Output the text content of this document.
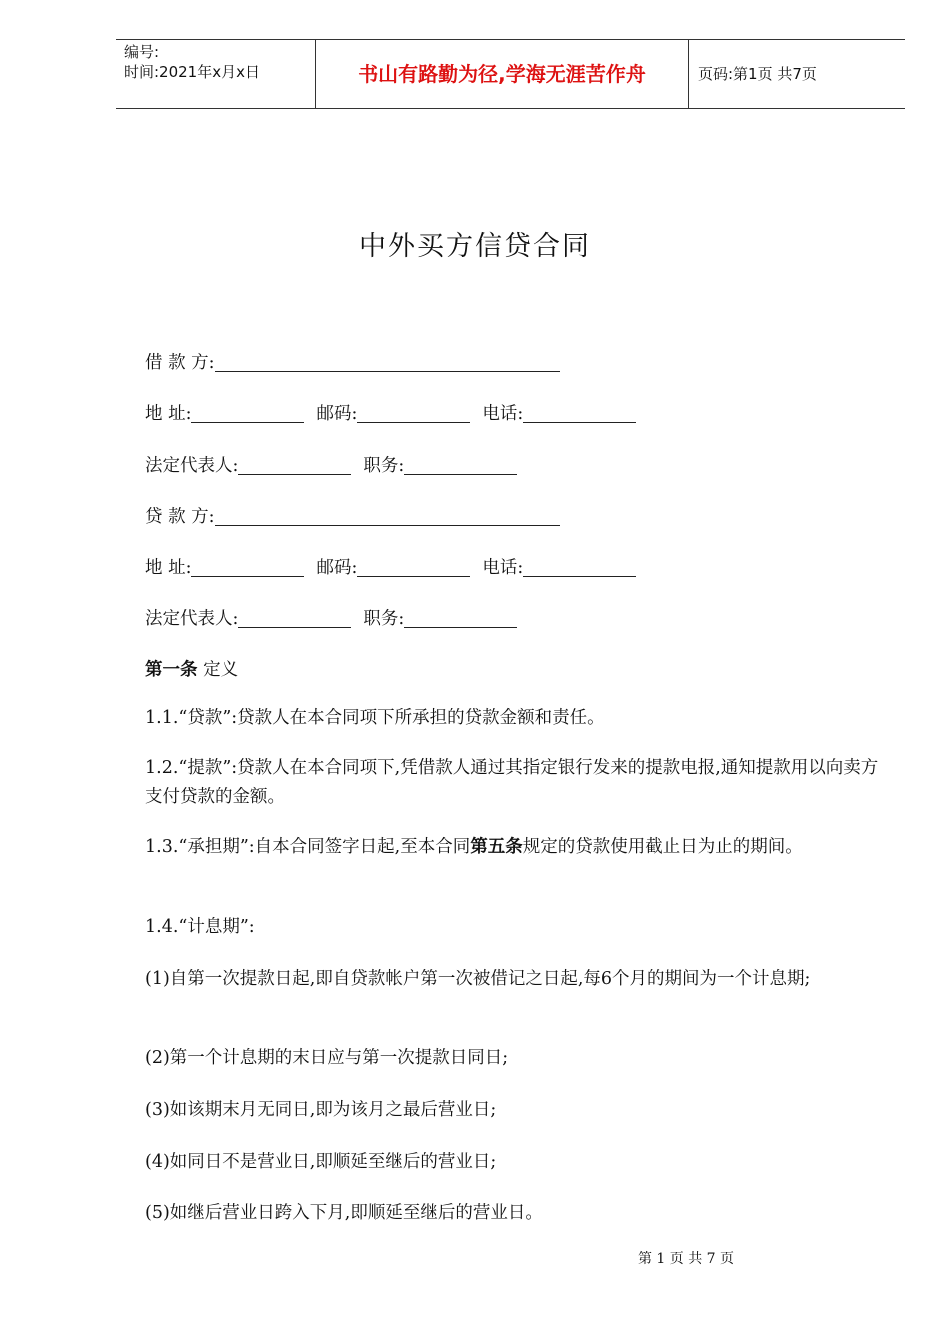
编号:
时间:2021年x月x日	书山有路勤为径,学海无涯苦作舟	页码:第1页 共7页
中外买方信贷合同
借 款 方:
地 址:	邮码:	电话:
法定代表人:	职务:
贷 款 方:
地 址:	邮码:	电话:
法定代表人:	职务:
第一条 定义
1.1.“贷款”:贷款人在本合同项下所承担的贷款金额和责任。
1.2.“提款”:贷款人在本合同项下,凭借款人通过其指定银行发来的提款电报,通知提款用以向卖方支付贷款的金额。
1.3.“承担期”:自本合同签字日起,至本合同第五条规定的贷款使用截止日为止的期间。
1.4.“计息期”:
(1)自第一次提款日起,即自贷款帐户第一次被借记之日起,每6个月的期间为一个计息期;
(2)第一个计息期的末日应与第一次提款日同日;
(3)如该期末月无同日,即为该月之最后营业日;
(4)如同日不是营业日,即顺延至继后的营业日;
(5)如继后营业日跨入下月,即顺延至继后的营业日。
第 1 页 共 7 页
